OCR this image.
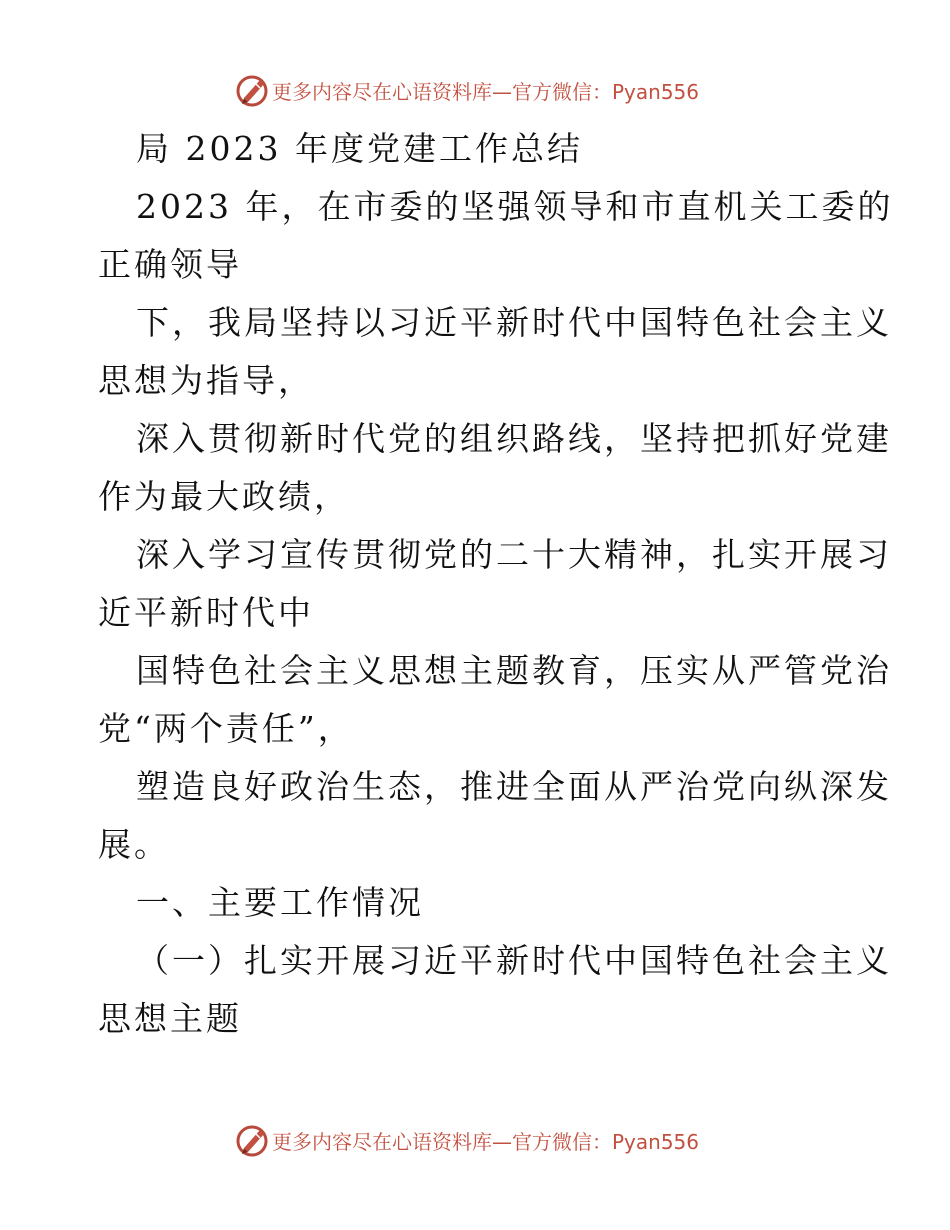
更多内容尽在心语资料库—官方微信：Pyan556
局 2023 年度党建工作总结
2023 年，在市委的坚强领导和市直机关工委的
正确领导
下，我局坚持以习近平新时代中国特色社会主义
思想为指导，
深入贯彻新时代党的组织路线，坚持把抓好党建
作为最大政绩，
深入学习宣传贯彻党的二十大精神，扎实开展习
近平新时代中
国特色社会主义思想主题教育，压实从严管党治
党“两个责任”，
塑造良好政治生态，推进全面从严治党向纵深发
展。
一、主要工作情况
（一）扎实开展习近平新时代中国特色社会主义
思想主题
更多内容尽在心语资料库—官方微信：Pyan556
